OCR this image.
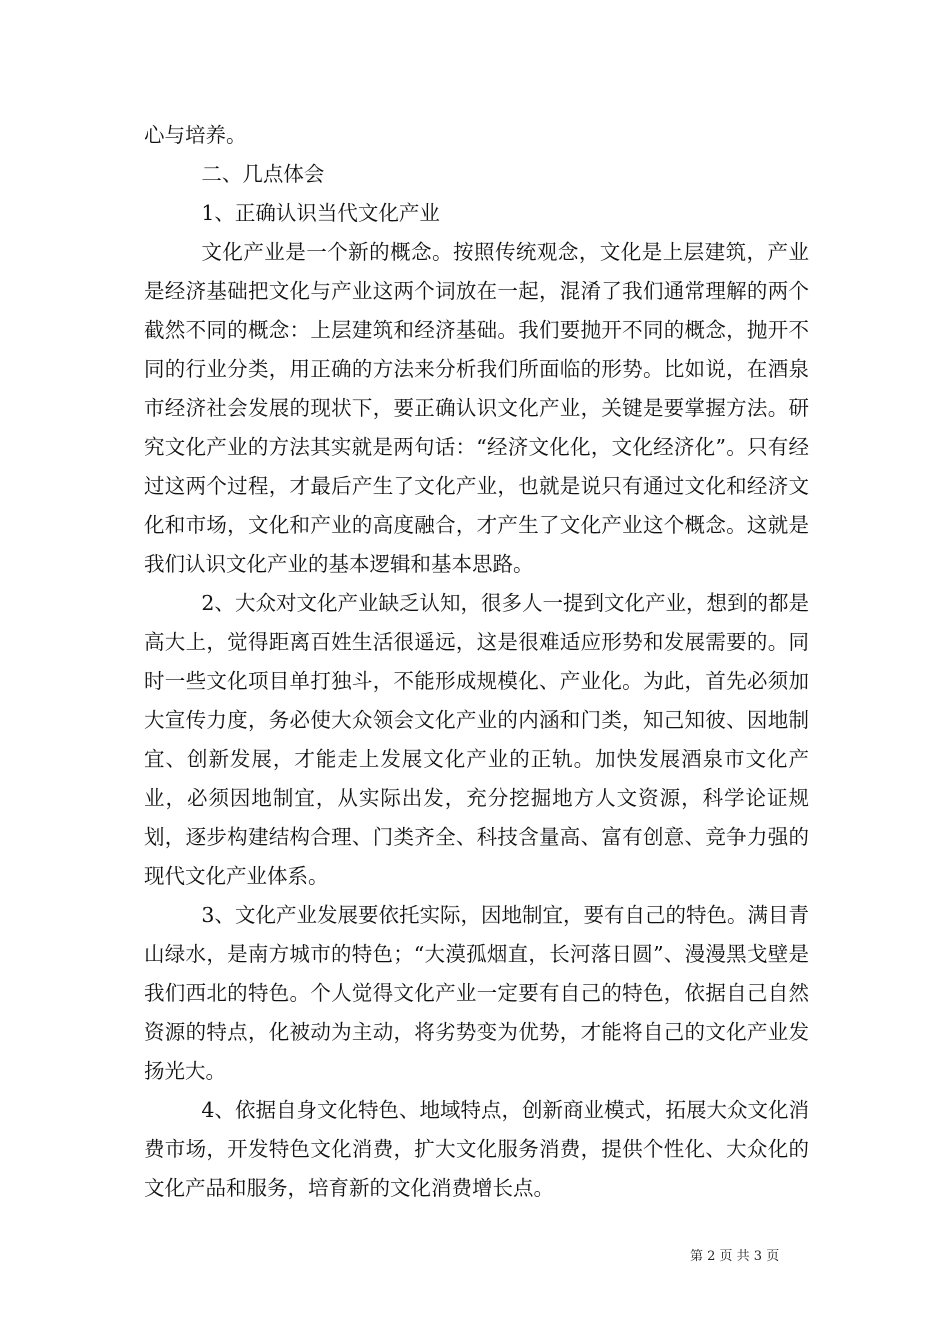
心与培养。

二、几点体会

1、正确认识当代文化产业

文化产业是一个新的概念。按照传统观念，文化是上层建筑，产业是经济基础把文化与产业这两个词放在一起，混淆了我们通常理解的两个截然不同的概念：上层建筑和经济基础。我们要抛开不同的概念，抛开不同的行业分类，用正确的方法来分析我们所面临的形势。比如说，在酒泉市经济社会发展的现状下，要正确认识文化产业，关键是要掌握方法。研究文化产业的方法其实就是两句话：“经济文化化，文化经济化”。只有经过这两个过程，才最后产生了文化产业，也就是说只有通过文化和经济文化和市场，文化和产业的高度融合，才产生了文化产业这个概念。这就是我们认识文化产业的基本逻辑和基本思路。

2、大众对文化产业缺乏认知，很多人一提到文化产业，想到的都是高大上，觉得距离百姓生活很遥远，这是很难适应形势和发展需要的。同时一些文化项目单打独斗，不能形成规模化、产业化。为此，首先必须加大宣传力度，务必使大众领会文化产业的内涵和门类，知己知彼、因地制宜、创新发展，才能走上发展文化产业的正轨。加快发展酒泉市文化产业，必须因地制宜，从实际出发，充分挖掘地方人文资源，科学论证规划，逐步构建结构合理、门类齐全、科技含量高、富有创意、竞争力强的现代文化产业体系。

3、文化产业发展要依托实际，因地制宜，要有自己的特色。满目青山绿水，是南方城市的特色；“大漠孤烟直，长河落日圆”、漫漫黑戈壁是我们西北的特色。个人觉得文化产业一定要有自己的特色，依据自己自然资源的特点，化被动为主动，将劣势变为优势，才能将自己的文化产业发扬光大。

4、依据自身文化特色、地域特点，创新商业模式，拓展大众文化消费市场，开发特色文化消费，扩大文化服务消费，提供个性化、大众化的文化产品和服务，培育新的文化消费增长点。

第 2 页 共 3 页
